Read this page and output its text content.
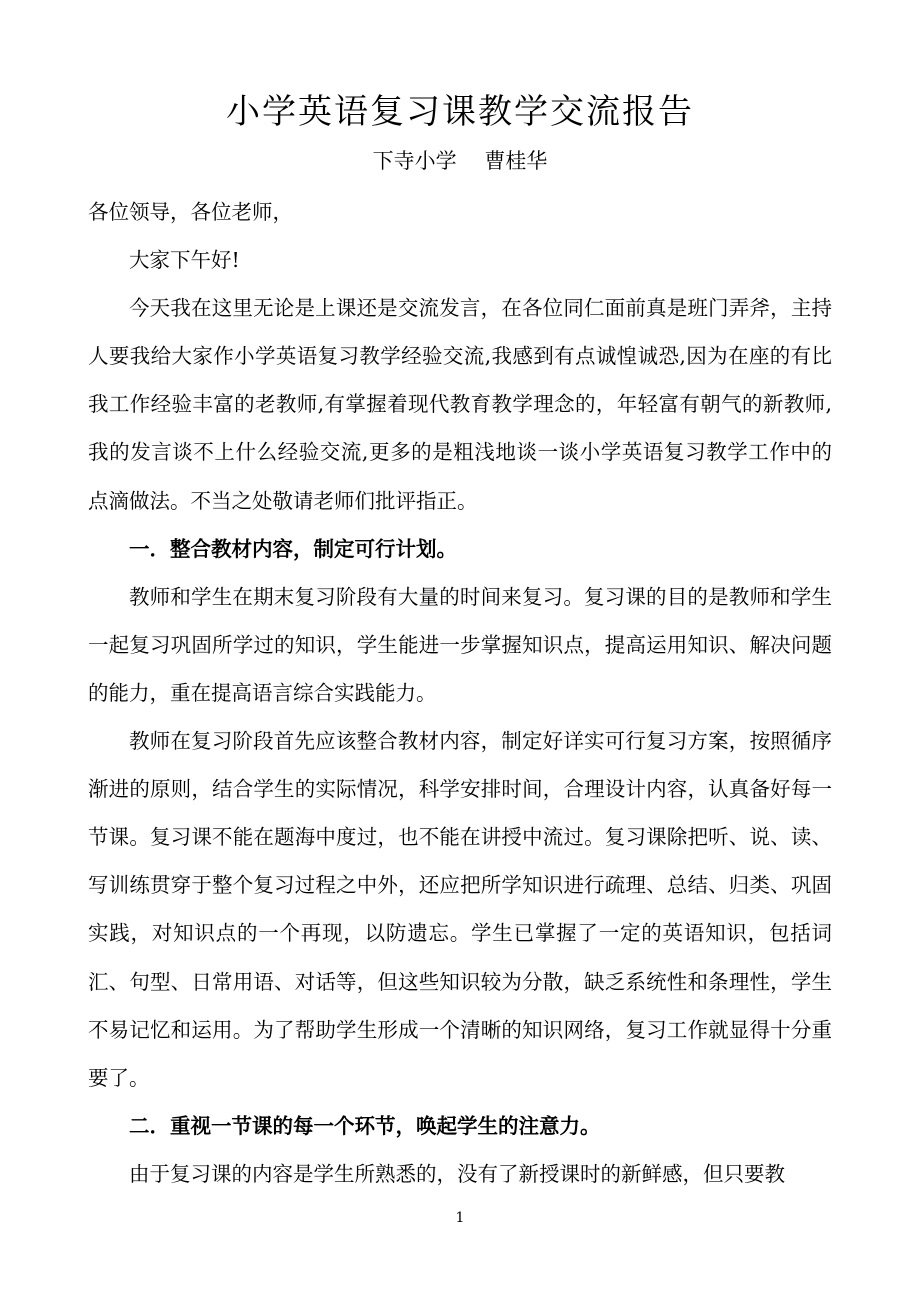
小学英语复习课教学交流报告
下寺小学　 曹桂华

各位领导，各位老师，

大家下午好!

今天我在这里无论是上课还是交流发言，在各位同仁面前真是班门弄斧，主持人要我给大家作小学英语复习教学经验交流,我感到有点诚惶诚恐,因为在座的有比我工作经验丰富的老教师,有掌握着现代教育教学理念的，年轻富有朝气的新教师,我的发言谈不上什么经验交流,更多的是粗浅地谈一谈小学英语复习教学工作中的点滴做法。不当之处敬请老师们批评指正。

一．整合教材内容，制定可行计划。

教师和学生在期末复习阶段有大量的时间来复习。复习课的目的是教师和学生一起复习巩固所学过的知识，学生能进一步掌握知识点，提高运用知识、解决问题的能力，重在提高语言综合实践能力。

教师在复习阶段首先应该整合教材内容，制定好详实可行复习方案，按照循序渐进的原则，结合学生的实际情况，科学安排时间，合理设计内容，认真备好每一节课。复习课不能在题海中度过，也不能在讲授中流过。复习课除把听、说、读、写训练贯穿于整个复习过程之中外，还应把所学知识进行疏理、总结、归类、巩固实践，对知识点的一个再现，以防遗忘。学生已掌握了一定的英语知识，包括词汇、句型、日常用语、对话等，但这些知识较为分散，缺乏系统性和条理性，学生不易记忆和运用。为了帮助学生形成一个清晰的知识网络，复习工作就显得十分重要了。

二．重视一节课的每一个环节，唤起学生的注意力。

由于复习课的内容是学生所熟悉的，没有了新授课时的新鲜感，但只要教

1
